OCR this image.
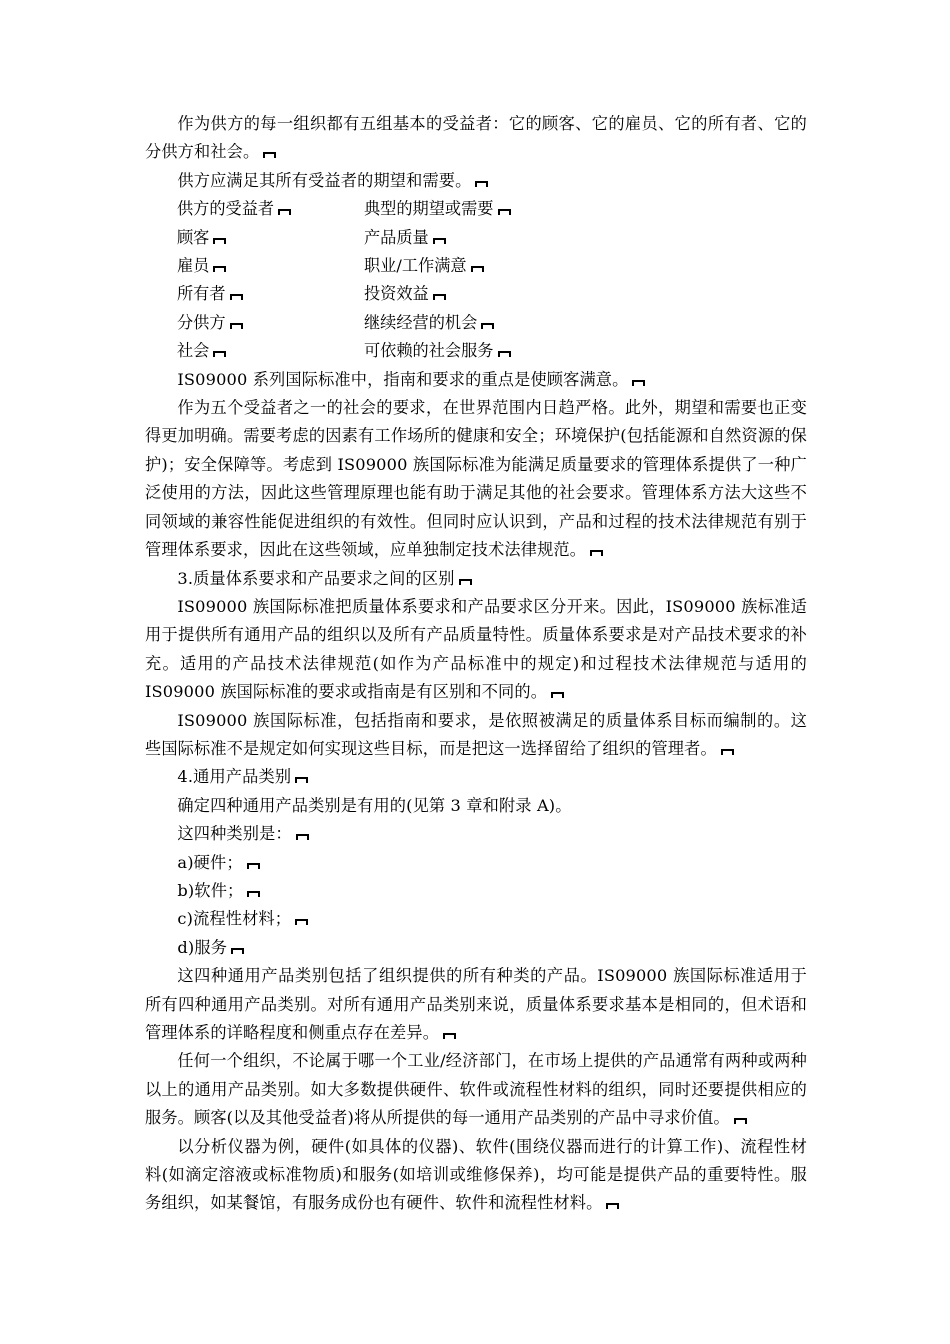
作为供方的每一组织都有五组基本的受益者：它的顾客、它的雇员、它的所有者、它的分供方和社会。

供方应满足其所有受益者的期望和需要。

供方的受益者	典型的期望或需要
顾客	产品质量
雇员	职业/工作满意
所有者	投资效益
分供方	继续经营的机会
社会	可依赖的社会服务

IS09000 系列国际标准中，指南和要求的重点是使顾客满意。

作为五个受益者之一的社会的要求，在世界范围内日趋严格。此外，期望和需要也正变得更加明确。需要考虑的因素有工作场所的健康和安全；环境保护(包括能源和自然资源的保护)；安全保障等。考虑到 IS09000 族国际标准为能满足质量要求的管理体系提供了一种广泛使用的方法，因此这些管理原理也能有助于满足其他的社会要求。管理体系方法大这些不同领域的兼容性能促进组织的有效性。但同时应认识到，产品和过程的技术法律规范有别于管理体系要求，因此在这些领域，应单独制定技术法律规范。

3.质量体系要求和产品要求之间的区别

IS09000 族国际标准把质量体系要求和产品要求区分开来。因此，IS09000 族标准适用于提供所有通用产品的组织以及所有产品质量特性。质量体系要求是对产品技术要求的补充。适用的产品技术法律规范(如作为产品标准中的规定)和过程技术法律规范与适用的 IS09000 族国际标准的要求或指南是有区别和不同的。

IS09000 族国际标准，包括指南和要求，是依照被满足的质量体系目标而编制的。这些国际标准不是规定如何实现这些目标，而是把这一选择留给了组织的管理者。

4.通用产品类别

确定四种通用产品类别是有用的(见第 3 章和附录 A)。

这四种类别是：

a)硬件；

b)软件；

c)流程性材料；

d)服务

这四种通用产品类别包括了组织提供的所有种类的产品。IS09000 族国际标准适用于所有四种通用产品类别。对所有通用产品类别来说，质量体系要求基本是相同的，但术语和管理体系的详略程度和侧重点存在差异。

任何一个组织，不论属于哪一个工业/经济部门，在市场上提供的产品通常有两种或两种以上的通用产品类别。如大多数提供硬件、软件或流程性材料的组织，同时还要提供相应的服务。顾客(以及其他受益者)将从所提供的每一通用产品类别的产品中寻求价值。

以分析仪器为例，硬件(如具体的仪器)、软件(围绕仪器而进行的计算工作)、流程性材料(如滴定溶液或标准物质)和服务(如培训或维修保养)，均可能是提供产品的重要特性。服务组织，如某餐馆，有服务成份也有硬件、软件和流程性材料。
